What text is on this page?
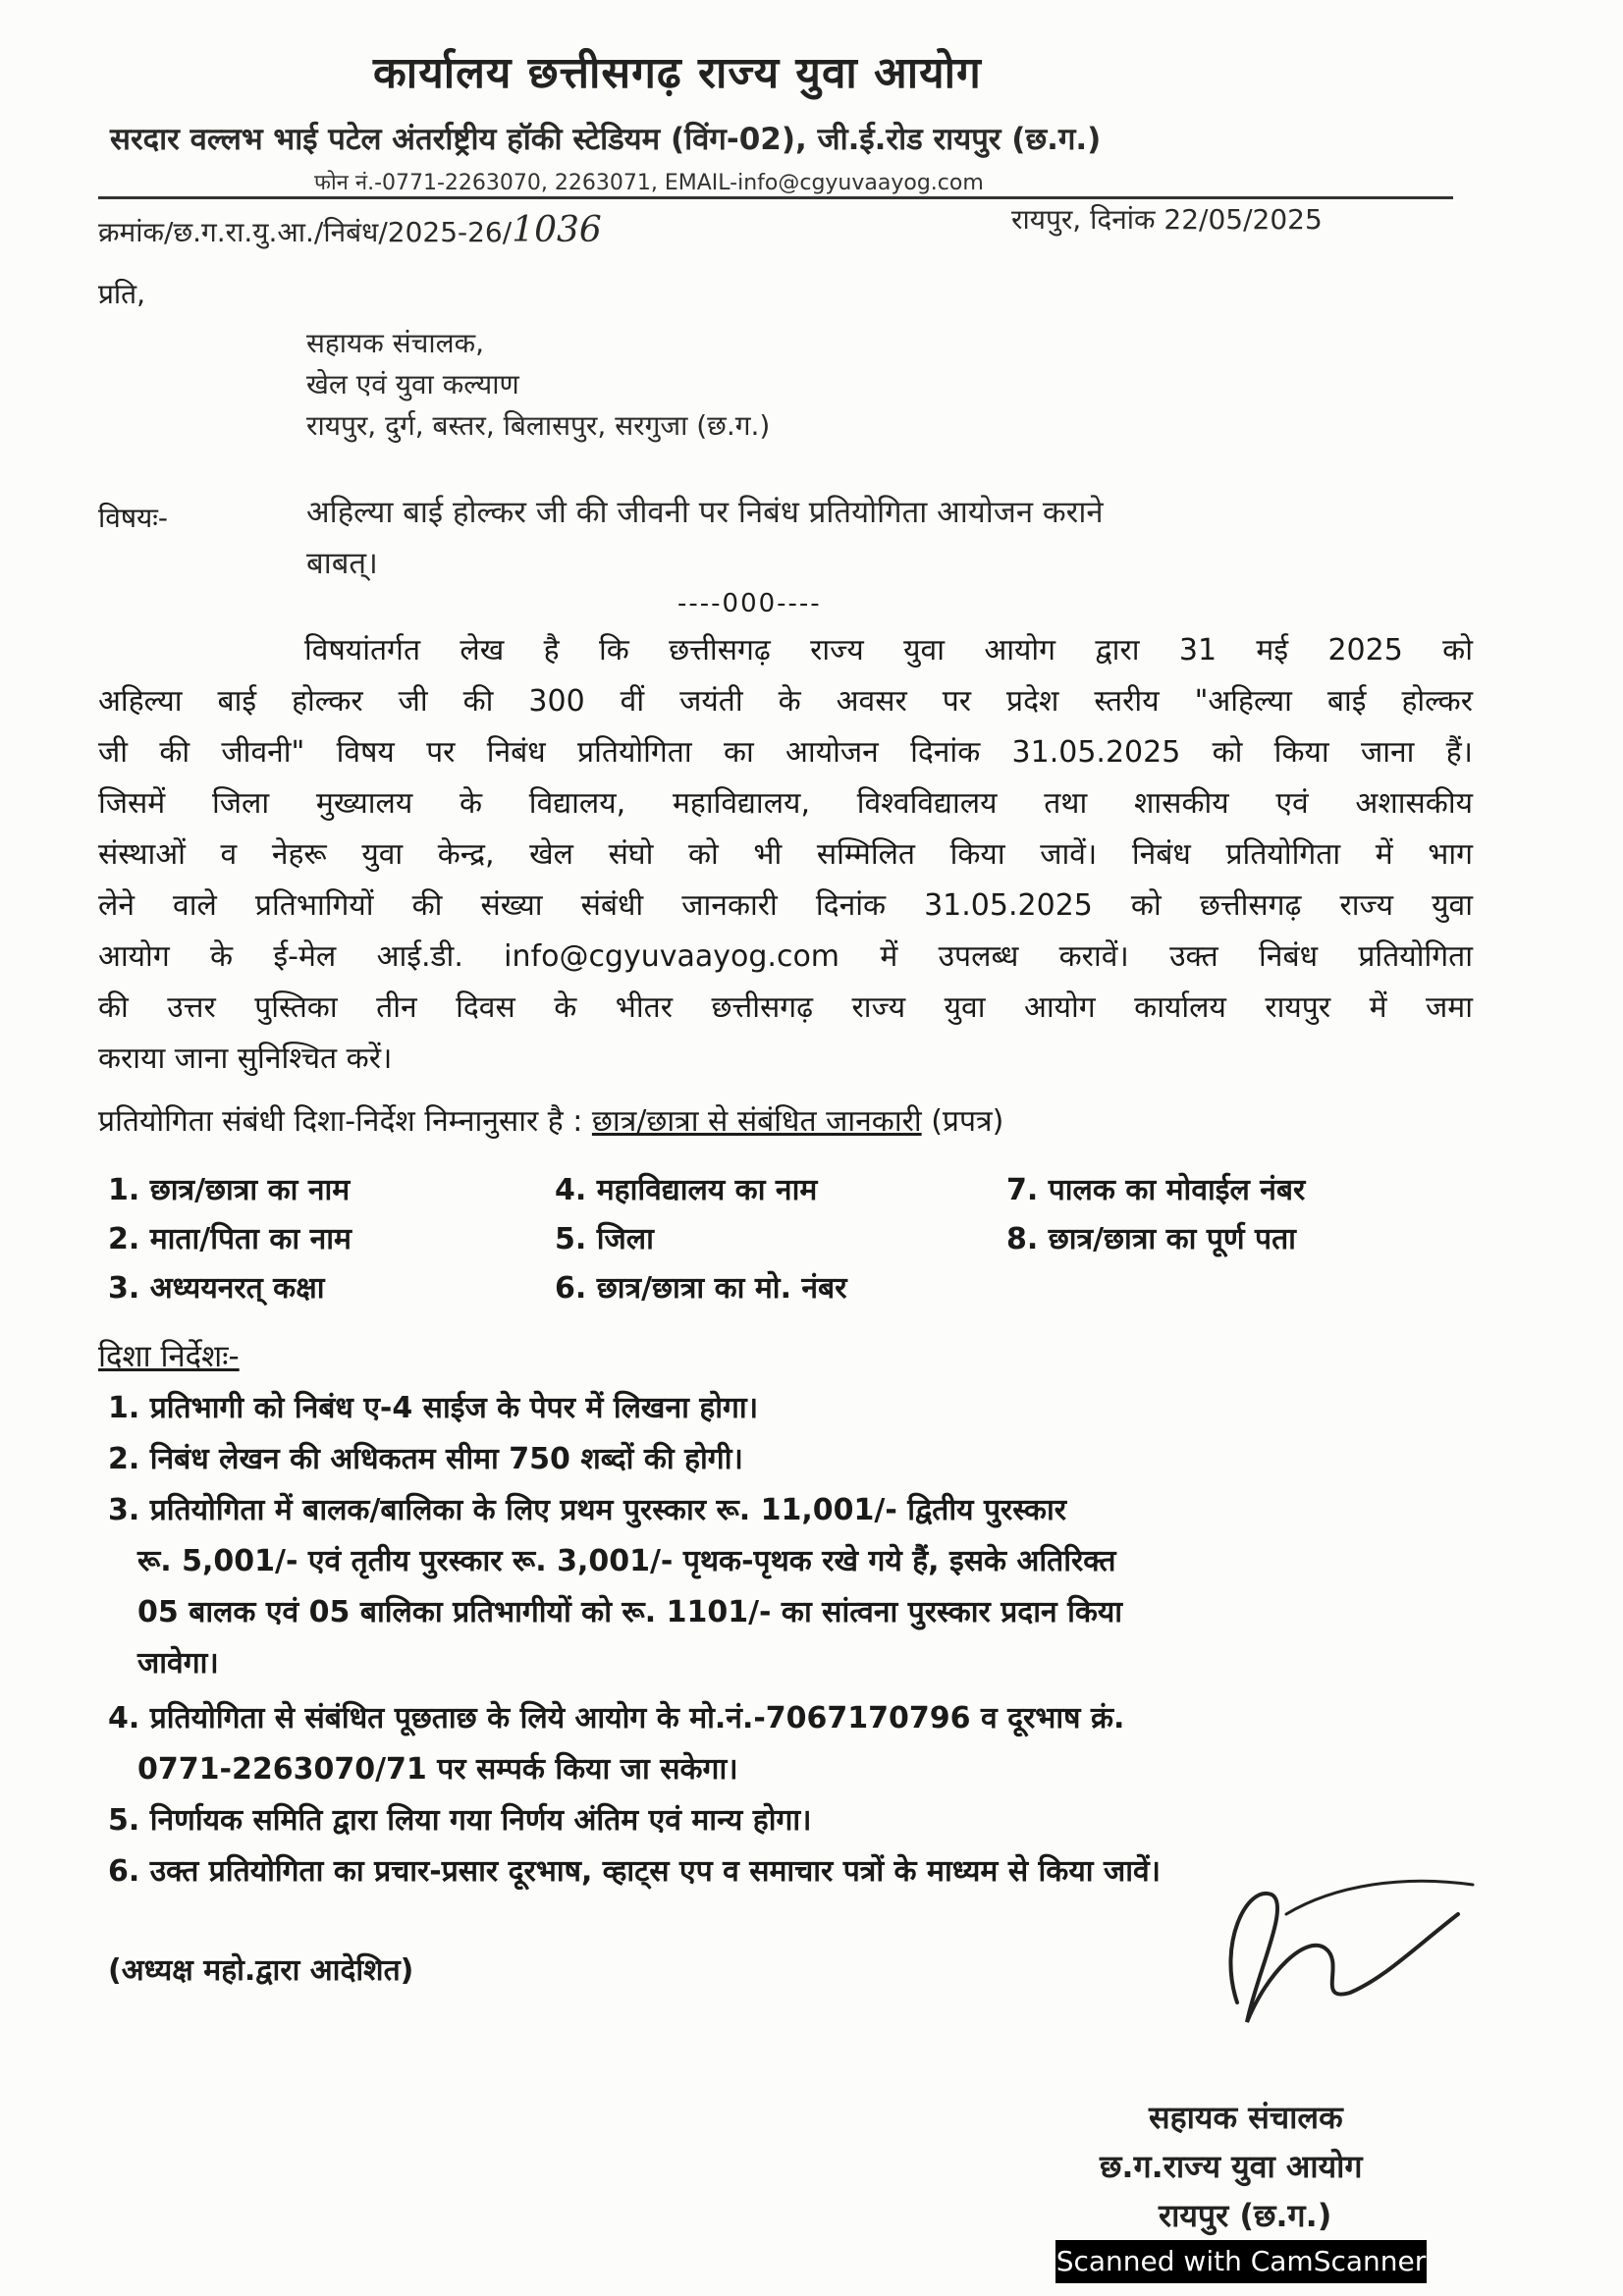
कार्यालय छत्तीसगढ़ राज्य युवा आयोग
सरदार वल्लभ भाई पटेल अंतर्राष्ट्रीय हॉकी स्टेडियम (विंग-02), जी.ई.रोड रायपुर (छ.ग.)
फोन नं.-0771-2263070, 2263071, EMAIL-info@cgyuvaayog.com
क्रमांक/छ.ग.रा.यु.आ./निबंध/2025-26/1036	रायपुर, दिनांक 22/05/2025
प्रति,
सहायक संचालक,
खेल एवं युवा कल्याण
रायपुर, दुर्ग, बस्तर, बिलासपुर, सरगुजा (छ.ग.)
विषयः-	अहिल्या बाई होल्कर जी की जीवनी पर निबंध प्रतियोगिता आयोजन कराने
बाबत्।
----000----
विषयांतर्गत लेख है कि छत्तीसगढ़ राज्य युवा आयोग द्वारा 31 मई 2025 को
अहिल्या बाई होल्कर जी की 300 वीं जयंती के अवसर पर प्रदेश स्तरीय "अहिल्या बाई होल्कर
जी की जीवनी" विषय पर निबंध प्रतियोगिता का आयोजन दिनांक 31.05.2025 को किया जाना हैं।
जिसमें जिला मुख्यालय के विद्यालय, महाविद्यालय, विश्वविद्यालय तथा शासकीय एवं अशासकीय
संस्थाओं व नेहरू युवा केन्द्र, खेल संघो को भी सम्मिलित किया जावें। निबंध प्रतियोगिता में भाग
लेने वाले प्रतिभागियों की संख्या संबंधी जानकारी दिनांक 31.05.2025 को छत्तीसगढ़ राज्य युवा
आयोग के ई-मेल आई.डी. info@cgyuvaayog.com में उपलब्ध करावें। उक्त निबंध प्रतियोगिता
की उत्तर पुस्तिका तीन दिवस के भीतर छत्तीसगढ़ राज्य युवा आयोग कार्यालय रायपुर में जमा
कराया जाना सुनिश्चित करें।
प्रतियोगिता संबंधी दिशा-निर्देश निम्नानुसार है : छात्र/छात्रा से संबंधित जानकारी (प्रपत्र)
1. छात्र/छात्रा का नाम
2. माता/पिता का नाम
3. अध्ययनरत् कक्षा
4. महाविद्यालय का नाम
5. जिला
6. छात्र/छात्रा का मो. नंबर
7. पालक का मोवाईल नंबर
8. छात्र/छात्रा का पूर्ण पता
दिशा निर्देशः-
1. प्रतिभागी को निबंध ए-4 साईज के पेपर में लिखना होगा।
2. निबंध लेखन की अधिकतम सीमा 750 शब्दों की होगी।
3. प्रतियोगिता में बालक/बालिका के लिए प्रथम पुरस्कार रू. 11,001/- द्वितीय पुरस्कार
रू. 5,001/- एवं तृतीय पुरस्कार रू. 3,001/- पृथक-पृथक रखे गये हैं, इसके अतिरिक्त
05 बालक एवं 05 बालिका प्रतिभागीयों को रू. 1101/- का सांत्वना पुरस्कार प्रदान किया
जावेगा।
4. प्रतियोगिता से संबंधित पूछताछ के लिये आयोग के मो.नं.-7067170796 व दूरभाष क्रं.
0771-2263070/71 पर सम्पर्क किया जा सकेगा।
5. निर्णायक समिति द्वारा लिया गया निर्णय अंतिम एवं मान्य होगा।
6. उक्त प्रतियोगिता का प्रचार-प्रसार दूरभाष, व्हाट्स एप व समाचार पत्रों के माध्यम से किया जावें।
(अध्यक्ष महो.द्वारा आदेशित)
सहायक संचालक
छ.ग.राज्य युवा आयोग
रायपुर (छ.ग.)
Scanned with CamScanner
